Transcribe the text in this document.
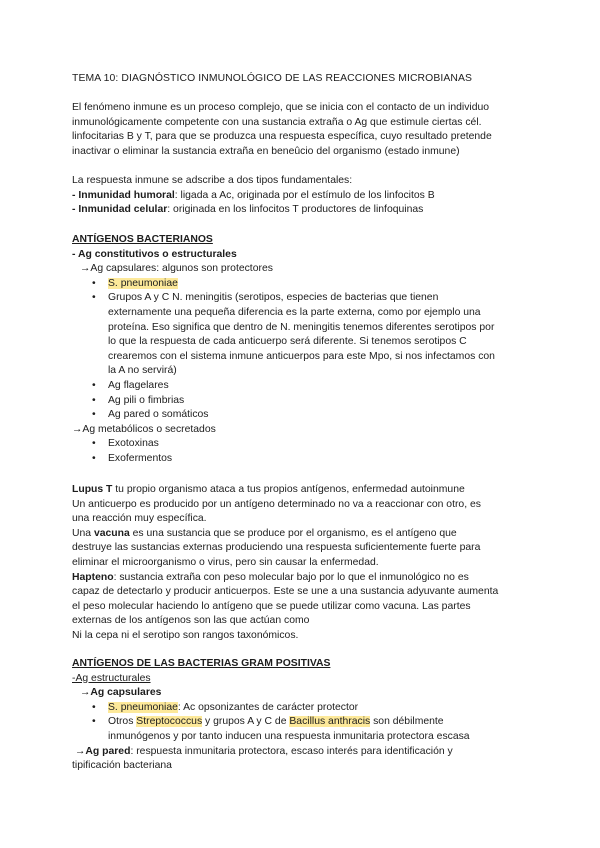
TEMA 10: DIAGNÓSTICO INMUNOLÓGICO DE LAS REACCIONES MICROBIANAS

El fenómeno inmune es un proceso complejo, que se inicia con el contacto de un individuo

inmunológicamente competente con una sustancia extraña o Ag que estimule ciertas cél.

linfocitarias B y T, para que se produzca una respuesta específica, cuyo resultado pretende

inactivar o eliminar la sustancia extraña en beneûcio del organismo (estado inmune)

La respuesta inmune se adscribe a dos tipos fundamentales:

- Inmunidad humoral: ligada a Ac, originada por el estímulo de los linfocitos B

- Inmunidad celular: originada en los linfocitos T productores de linfoquinas

ANTÍGENOS BACTERIANOS

- Ag constitutivos o estructurales

→Ag capsulares: algunos son protectores

• S. pneumoniae

• Grupos A y C N. meningitis (serotipos, especies de bacterias que tienen

externamente una pequeña diferencia es la parte externa, como por ejemplo una

proteína. Eso significa que dentro de N. meningitis tenemos diferentes serotipos por

lo que la respuesta de cada anticuerpo será diferente. Si tenemos serotipos C

crearemos con el sistema inmune anticuerpos para este Mpo, si nos infectamos con

la A no servirá)

• Ag flagelares

• Ag pili o fimbrias

• Ag pared o somáticos

→Ag metabólicos o secretados

• Exotoxinas

• Exofermentos

Lupus T tu propio organismo ataca a tus propios antígenos, enfermedad autoinmune

Un anticuerpo es producido por un antígeno determinado no va a reaccionar con otro, es

una reacción muy específica.

Una vacuna es una sustancia que se produce por el organismo, es el antígeno que

destruye las sustancias externas produciendo una respuesta suficientemente fuerte para

eliminar el microorganismo o virus, pero sin causar la enfermedad.

Hapteno: sustancia extraña con peso molecular bajo por lo que el inmunológico no es

capaz de detectarlo y producir anticuerpos. Este se une a una sustancia adyuvante aumenta

el peso molecular haciendo lo antígeno que se puede utilizar como vacuna. Las partes

externas de los antígenos son las que actúan como

Ni la cepa ni el serotipo son rangos taxonómicos.

ANTÍGENOS DE LAS BACTERIAS GRAM POSITIVAS

-Ag estructurales

→Ag capsulares

• S. pneumoniae: Ac opsonizantes de carácter protector

• Otros Streptococcus y grupos A y C de Bacillus anthracis son débilmente

inmunógenos y por tanto inducen una respuesta inmunitaria protectora escasa

→Ag pared: respuesta inmunitaria protectora, escaso interés para identificación y

tipificación bacteriana
